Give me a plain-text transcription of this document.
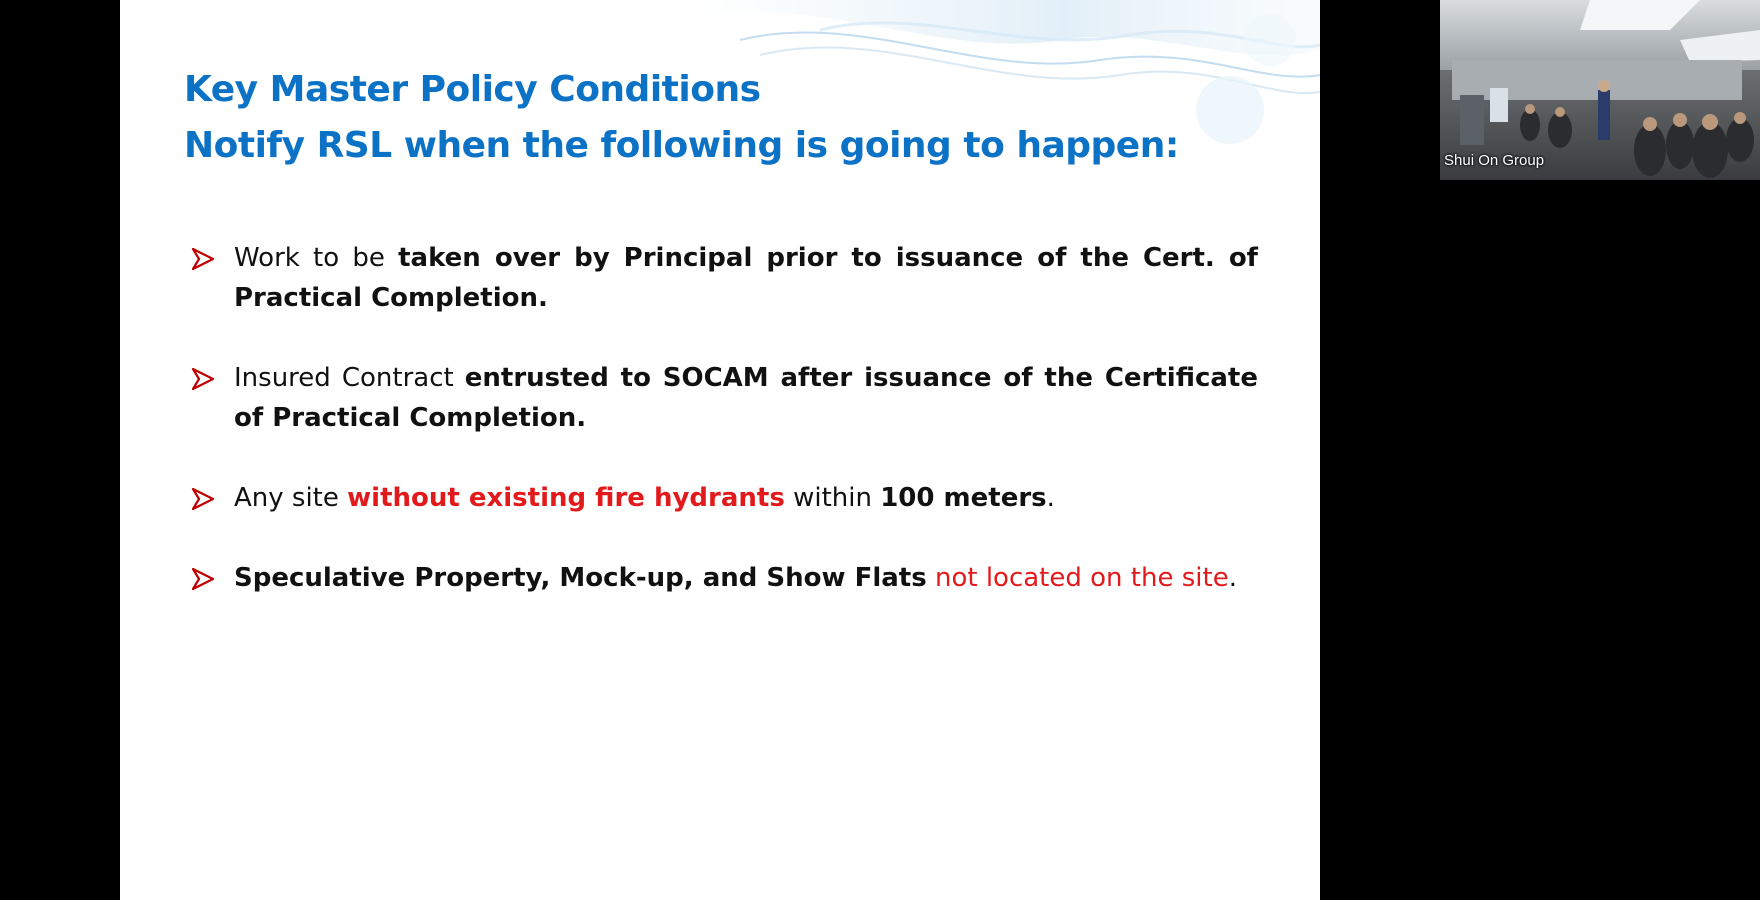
Key Master Policy Conditions
Notify RSL when the following is going to happen:
Work to be taken over by Principal prior to issuance of the Cert. of Practical Completion.
Insured Contract entrusted to SOCAM after issuance of the Certificate of Practical Completion.
Any site without existing fire hydrants within 100 meters.
Speculative Property, Mock-up, and Show Flats not located on the site.
Shui On Group
